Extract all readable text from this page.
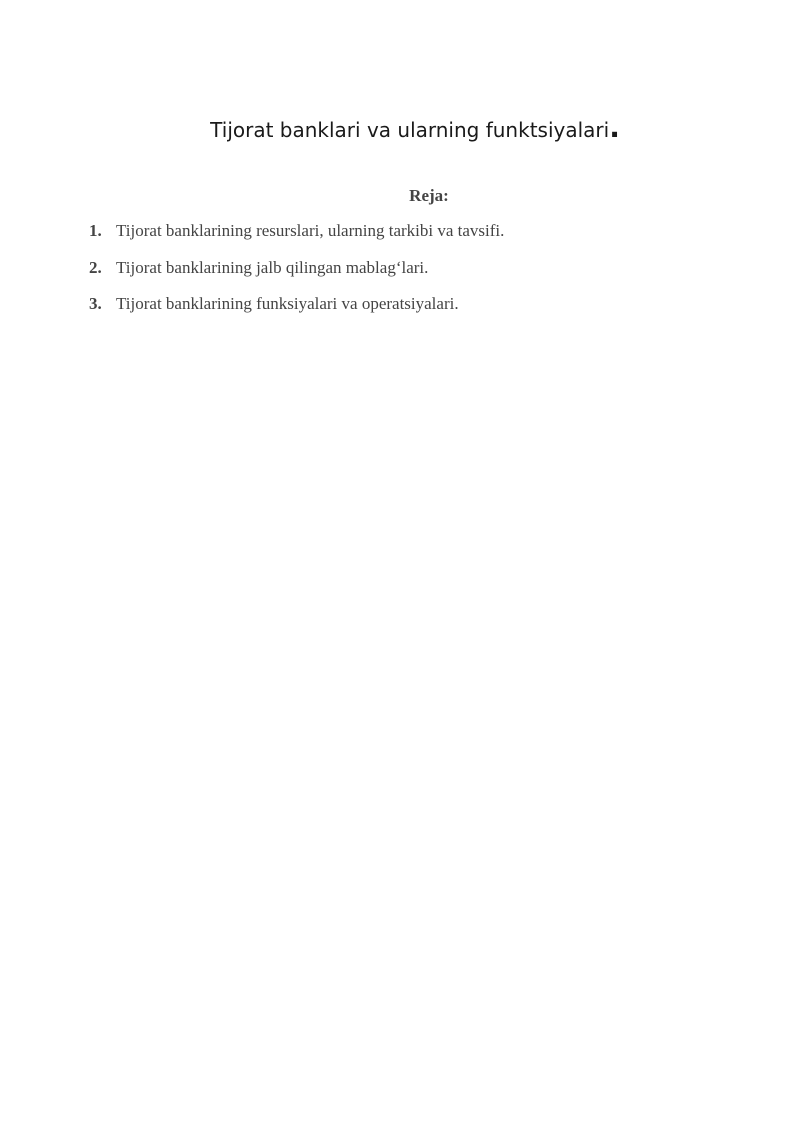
Tijorat banklari va ularning funktsiyalari.
Reja:
1. Tijorat banklarining resurslari, ularning tarkibi va tavsifi.
2. Tijorat banklarining jalb qilingan mablag‘lari.
3. Tijorat banklarining funksiyalari va operatsiyalari.
